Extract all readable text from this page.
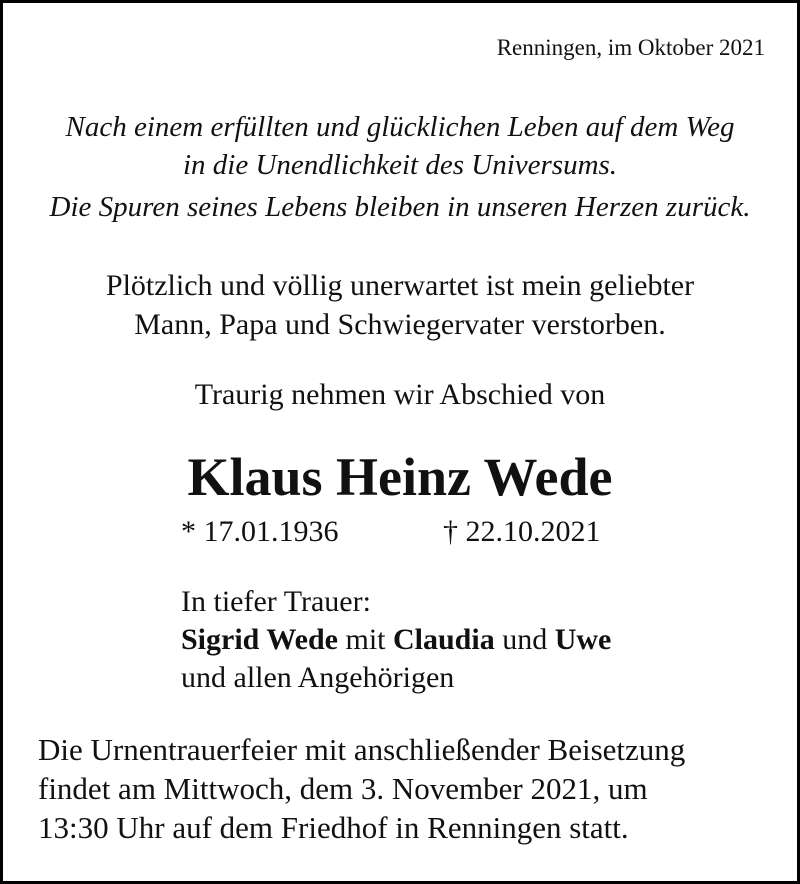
Renningen, im Oktober 2021
Nach einem erfüllten und glücklichen Leben auf dem Weg
in die Unendlichkeit des Universums.
Die Spuren seines Lebens bleiben in unseren Herzen zurück.
Plötzlich und völlig unerwartet ist mein geliebter
Mann, Papa und Schwiegervater verstorben.
Traurig nehmen wir Abschied von
Klaus Heinz Wede
* 17.01.1936	† 22.10.2021
In tiefer Trauer:
Sigrid Wede mit Claudia und Uwe
und allen Angehörigen
Die Urnentrauerfeier mit anschließender Beisetzung
findet am Mittwoch, dem 3. November 2021, um
13:30 Uhr auf dem Friedhof in Renningen statt.
